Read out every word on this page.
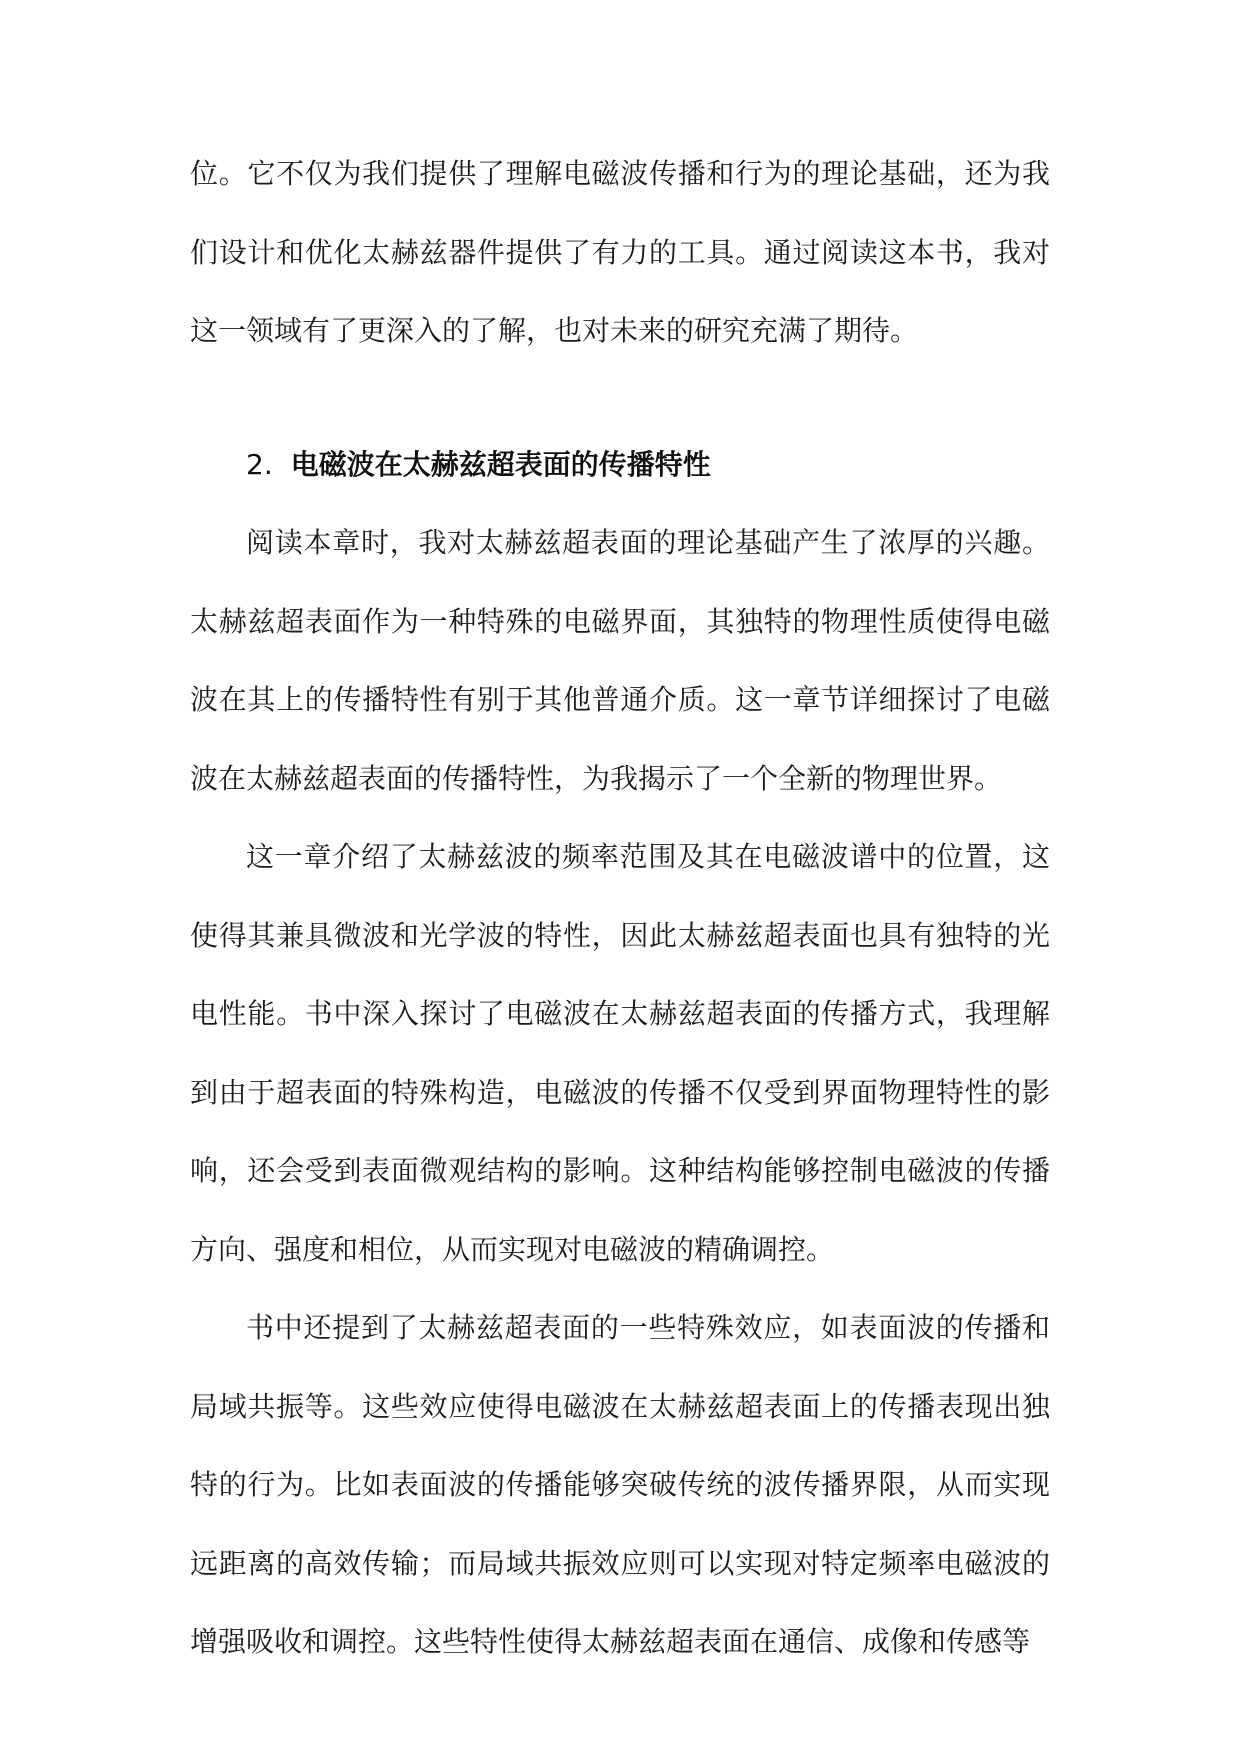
位。它不仅为我们提供了理解电磁波传播和行为的理论基础，还为我们设计和优化太赫兹器件提供了有力的工具。通过阅读这本书，我对这一领域有了更深入的了解，也对未来的研究充满了期待。

2. 电磁波在太赫兹超表面的传播特性

阅读本章时，我对太赫兹超表面的理论基础产生了浓厚的兴趣。太赫兹超表面作为一种特殊的电磁界面，其独特的物理性质使得电磁波在其上的传播特性有别于其他普通介质。这一章节详细探讨了电磁波在太赫兹超表面的传播特性，为我揭示了一个全新的物理世界。

这一章介绍了太赫兹波的频率范围及其在电磁波谱中的位置，这使得其兼具微波和光学波的特性，因此太赫兹超表面也具有独特的光电性能。书中深入探讨了电磁波在太赫兹超表面的传播方式，我理解到由于超表面的特殊构造，电磁波的传播不仅受到界面物理特性的影响，还会受到表面微观结构的影响。这种结构能够控制电磁波的传播方向、强度和相位，从而实现对电磁波的精确调控。

书中还提到了太赫兹超表面的一些特殊效应，如表面波的传播和局域共振等。这些效应使得电磁波在太赫兹超表面上的传播表现出独特的行为。比如表面波的传播能够突破传统的波传播界限，从而实现远距离的高效传输；而局域共振效应则可以实现对特定频率电磁波的增强吸收和调控。这些特性使得太赫兹超表面在通信、成像和传感等
